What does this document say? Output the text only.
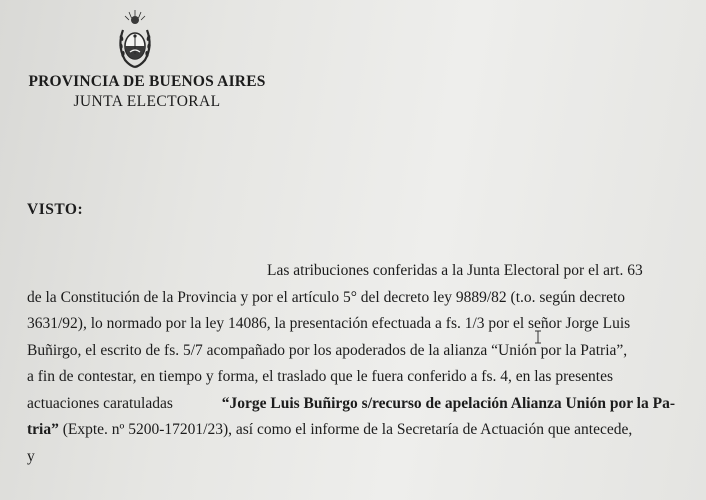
PROVINCIA DE BUENOS AIRES
JUNTA ELECTORAL
VISTO:
Las atribuciones conferidas a la Junta Electoral por el art. 63
de la Constitución de la Provincia y por el artículo 5° del decreto ley 9889/82 (t.o. según decreto
3631/92), lo normado por la ley 14086, la presentación efectuada a fs. 1/3 por el señor Jorge Luis
Buñirgo, el escrito de fs. 5/7 acompañado por los apoderados de la alianza “Unión por la Patria”,
a fin de contestar, en tiempo y forma, el traslado que le fuera conferido a fs. 4, en las presentes
actuaciones caratuladas	“Jorge Luis Buñirgo s/recurso de apelación Alianza Unión por la Pa-
tria” (Expte. nº 5200-17201/23), así como el informe de la Secretaría de Actuación que antecede,
y
